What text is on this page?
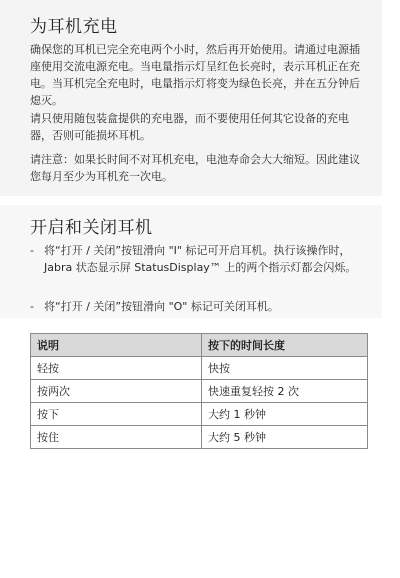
为耳机充电

确保您的耳机已完全充电两个小时，然后再开始使用。请通过电源插座使用交流电源充电。当电量指示灯呈红色长亮时，表示耳机正在充电。当耳机完全充电时，电量指示灯将变为绿色长亮，并在五分钟后熄灭。

请只使用随包装盒提供的充电器，而不要使用任何其它设备的充电器，否则可能损坏耳机。

请注意：如果长时间不对耳机充电，电池寿命会大大缩短。因此建议您每月至少为耳机充一次电。

开启和关闭耳机
- 将“打开 / 关闭”按钮滑向 "I" 标记可开启耳机。执行该操作时，Jabra 状态显示屏 StatusDisplay™ 上的两个指示灯都会闪烁。
- 将“打开 / 关闭”按钮滑向 "O" 标记可关闭耳机。
说明	按下的时间长度
轻按	快按
按两次	快速重复轻按 2 次
按下	大约 1 秒钟
按住	大约 5 秒钟
